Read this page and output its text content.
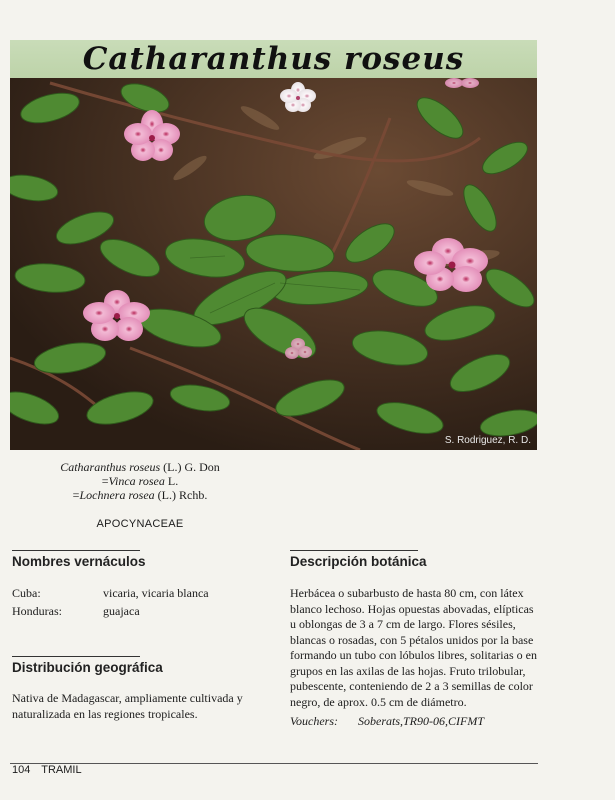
Catharanthus roseus
S. Rodriguez, R. D.
Catharanthus roseus (L.) G. Don
=Vinca rosea L.
=Lochnera rosea (L.) Rchb.
APOCYNACEAE
Nombres vernáculos
Cuba:	vicaria, vicaria blanca
Honduras:	guajaca
Distribución geográfica
Nativa de Madagascar, ampliamente cultivada y
naturalizada en las regiones tropicales.
Descripción botánica
Herbácea o subarbusto de hasta 80 cm, con látex
blanco lechoso. Hojas opuestas abovadas, elípticas
u oblongas de 3 a 7 cm de largo. Flores sésiles,
blancas o rosadas, con 5 pétalos unidos por la base
formando un tubo con lóbulos libres, solitarias o en
grupos en las axilas de las hojas. Fruto trilobular,
pubescente, conteniendo de 2 a 3 semillas de color
negro, de aprox. 0.5 cm de diámetro.
Vouchers: Soberats,TR90-06,CIFMT
104 TRAMIL
